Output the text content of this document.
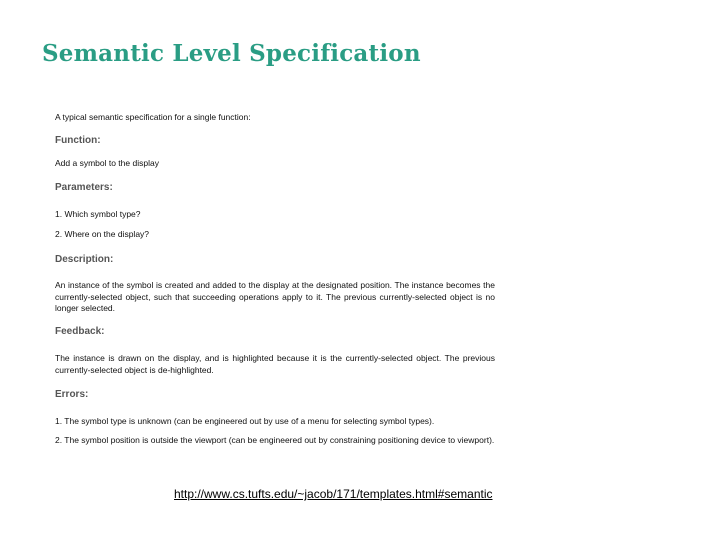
Semantic Level Specification

A typical semantic specification for a single function:

Function:

Add a symbol to the display

Parameters:

1. Which symbol type?

2. Where on the display?

Description:

An instance of the symbol is created and added to the display at the designated position. The instance becomes the currently-selected object, such that succeeding operations apply to it. The previous currently-selected object is no longer selected.

Feedback:

The instance is drawn on the display, and is highlighted because it is the currently-selected object. The previous currently-selected object is de-highlighted.

Errors:

1. The symbol type is unknown (can be engineered out by use of a menu for selecting symbol types).

2. The symbol position is outside the viewport (can be engineered out by constraining positioning device to viewport).

http://www.cs.tufts.edu/~jacob/171/templates.html#semantic
